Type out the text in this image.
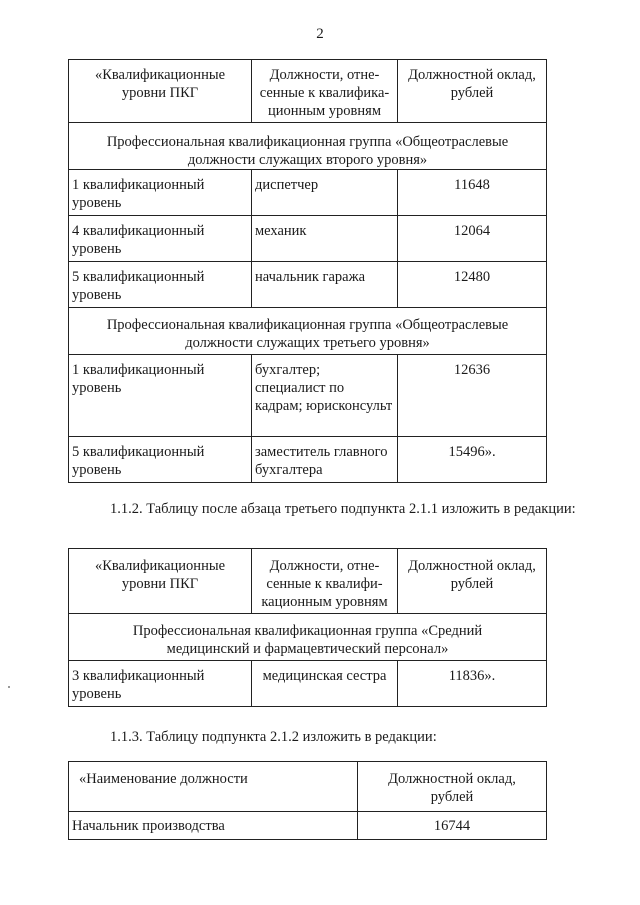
2
«Квалификационные уровни ПКГ	Должности, отне-сенные к квалифика-ционным уровням	Должностной оклад, рублей
Профессиональная квалификационная группа «Общеотраслевые должности служащих второго уровня»		
1 квалификационный уровень	диспетчер	11648
4 квалификационный уровень	механик	12064
5 квалификационный уровень	начальник гаража	12480
Профессиональная квалификационная группа «Общеотраслевые должности служащих третьего уровня»		
1 квалификационный уровень	бухгалтер; специалист по кадрам; юрисконсульт	12636
5 квалификационный уровень	заместитель главного бухгалтера	15496».
1.1.2. Таблицу после абзаца третьего подпункта 2.1.1 изложить в редакции:
«Квалификационные уровни ПКГ	Должности, отне-сенные к квалифи-кационным уровням	Должностной оклад, рублей
Профессиональная квалификационная группа «Средний медицинский и фармацевтический персонал»		
3 квалификационный уровень	медицинская сестра	11836».
1.1.3. Таблицу подпункта 2.1.2 изложить в редакции:
«Наименование должности	Должностной оклад, рублей
Начальник производства	16744
